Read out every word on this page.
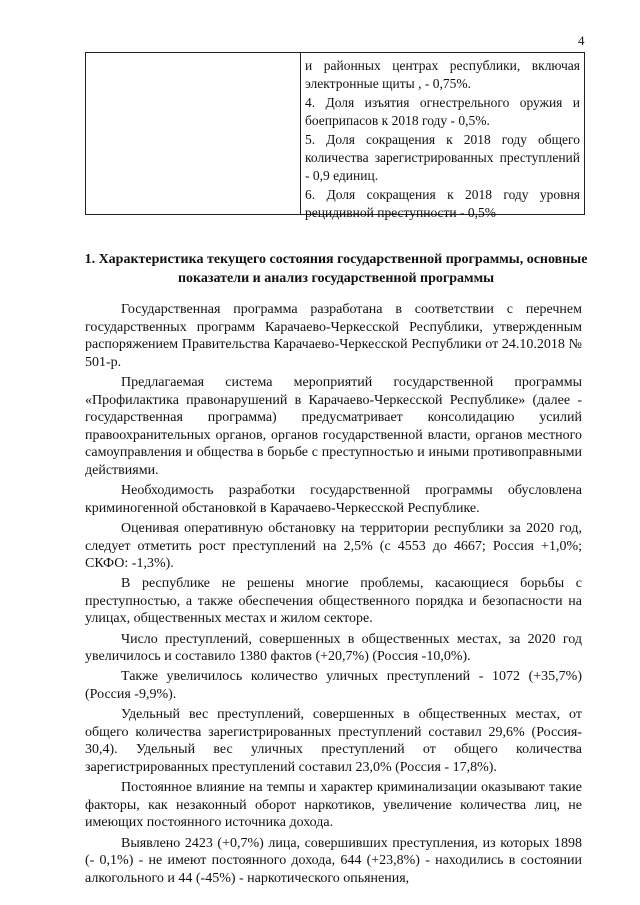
4

и районных центрах республики, включая электронные щиты , - 0,75%.

4. Доля изъятия огнестрельного оружия и боеприпасов к 2018 году - 0,5%.

5. Доля сокращения к 2018 году общего количества зарегистрированных преступлений - 0,9 единиц.

6. Доля сокращения к 2018 году уровня рецидивной преступности - 0,5%

1. Характеристика текущего состояния государственной программы, основные показатели и анализ государственной программы

Государственная программа разработана в соответствии с перечнем государственных программ Карачаево-Черкесской Республики, утвержденным распоряжением Правительства Карачаево-Черкесской Республики от 24.10.2018 № 501-р.

Предлагаемая система мероприятий государственной программы «Профилактика правонарушений в Карачаево-Черкесской Республике» (далее - государственная программа) предусматривает консолидацию усилий правоохранительных органов, органов государственной власти, органов местного самоуправления и общества в борьбе с преступностью и иными противоправными действиями.

Необходимость разработки государственной программы обусловлена криминогенной обстановкой в Карачаево-Черкесской Республике.

Оценивая оперативную обстановку на территории республики за 2020 год, следует отметить рост преступлений на 2,5% (с 4553 до 4667; Россия +1,0%; СКФО: -1,3%).

В республике не решены многие проблемы, касающиеся борьбы с преступностью, а также обеспечения общественного порядка и безопасности на улицах, общественных местах и жилом секторе.

Число преступлений, совершенных в общественных местах, за 2020 год увеличилось и составило 1380 фактов (+20,7%) (Россия -10,0%).

Также увеличилось количество уличных преступлений - 1072 (+35,7%) (Россия -9,9%).

Удельный вес преступлений, совершенных в общественных местах, от общего количества зарегистрированных преступлений составил 29,6% (Россия- 30,4). Удельный вес уличных преступлений от общего количества зарегистрированных преступлений составил 23,0% (Россия - 17,8%).

Постоянное влияние на темпы и характер криминализации оказывают такие факторы, как незаконный оборот наркотиков, увеличение количества лиц, не имеющих постоянного источника дохода.

Выявлено 2423 (+0,7%) лица, совершивших преступления, из которых 1898 (- 0,1%) - не имеют постоянного дохода, 644 (+23,8%) - находились в состоянии алкогольного и 44 (-45%) - наркотического опьянения,
